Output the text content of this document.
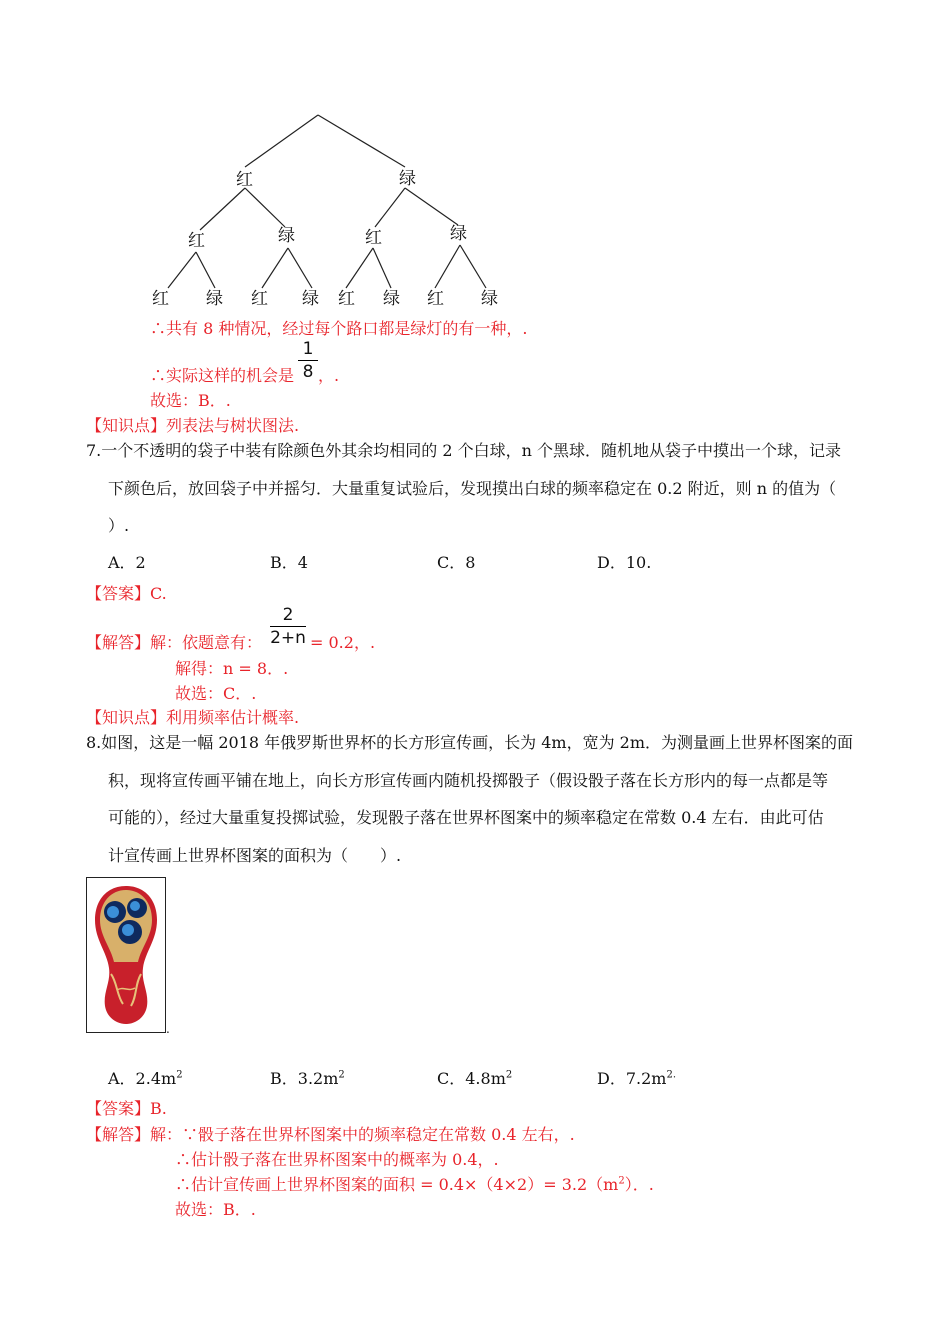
红	绿
红	绿	红	绿
红 绿 红 绿 红 绿 红 绿
∴共有 8 种情况，经过每个路口都是绿灯的有一种，.
∴实际这样的机会是
1
8 ，.
故选：B．.
【知识点】列表法与树状图法.
7.一个不透明的袋子中装有除颜色外其余均相同的 2 个白球，n 个黑球．随机地从袋子中摸出一个球，记录
下颜色后，放回袋子中并摇匀．大量重复试验后，发现摸出白球的频率稳定在 0.2 附近，则 n 的值为（
）.
A．2	B．4	C．8	D．10.
【答案】C.
【解答】解：依题意有：
2
2+n = 0.2，.
解得：n = 8．.
故选：C．.
【知识点】利用频率估计概率.
8.如图，这是一幅 2018 年俄罗斯世界杯的长方形宣传画，长为 4m，宽为 2m．为测量画上世界杯图案的面
积，现将宣传画平铺在地上，向长方形宣传画内随机投掷骰子（假设骰子落在长方形内的每一点都是等
可能的），经过大量重复投掷试验，发现骰子落在世界杯图案中的频率稳定在常数 0.4 左右．由此可估
计宣传画上世界杯图案的面积为（　　）.
.
A．$2.4m^2$	B．$3.2m^2$	C．$4.8m^2$	D．$7.2m^{2.}$
【答案】B.
【解答】解：∵骰子落在世界杯图案中的频率稳定在常数 0.4 左右，.
∴估计骰子落在世界杯图案中的概率为 0.4，.
∴估计宣传画上世界杯图案的面积 = $0.4\times(4\times 2)= 3.2(m^2)$．.
故选：B．.
